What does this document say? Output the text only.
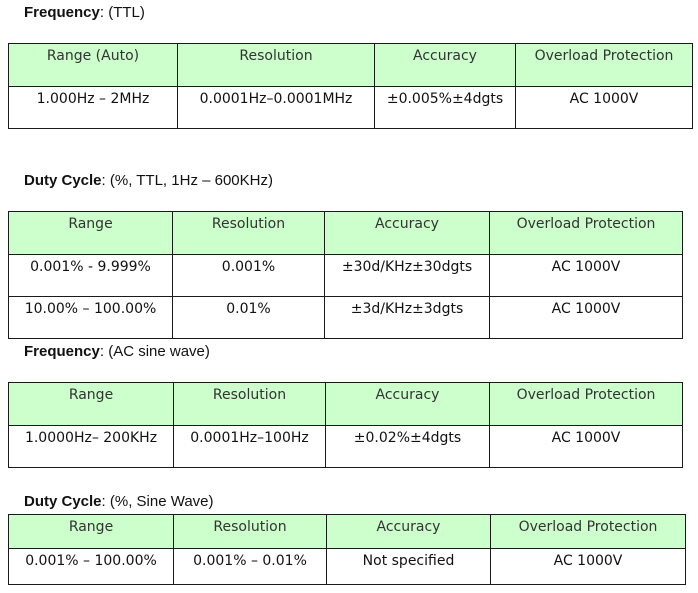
Frequency: (TTL)
Range (Auto)	Resolution	Accuracy	Overload Protection
1.000Hz – 2MHz	0.0001Hz–0.0001MHz	±0.005%±4dgts	AC 1000V
Duty Cycle: (%, TTL, 1Hz – 600KHz)
Range	Resolution	Accuracy	Overload Protection
0.001% - 9.999%	0.001%	±30d/KHz±30dgts	AC 1000V
10.00% – 100.00%	0.01%	±3d/KHz±3dgts	AC 1000V
Frequency: (AC sine wave)
Range	Resolution	Accuracy	Overload Protection
1.0000Hz– 200KHz	0.0001Hz–100Hz	±0.02%±4dgts	AC 1000V
Duty Cycle: (%, Sine Wave)
Range	Resolution	Accuracy	Overload Protection
0.001% – 100.00%	0.001% – 0.01%	Not specified	AC 1000V
